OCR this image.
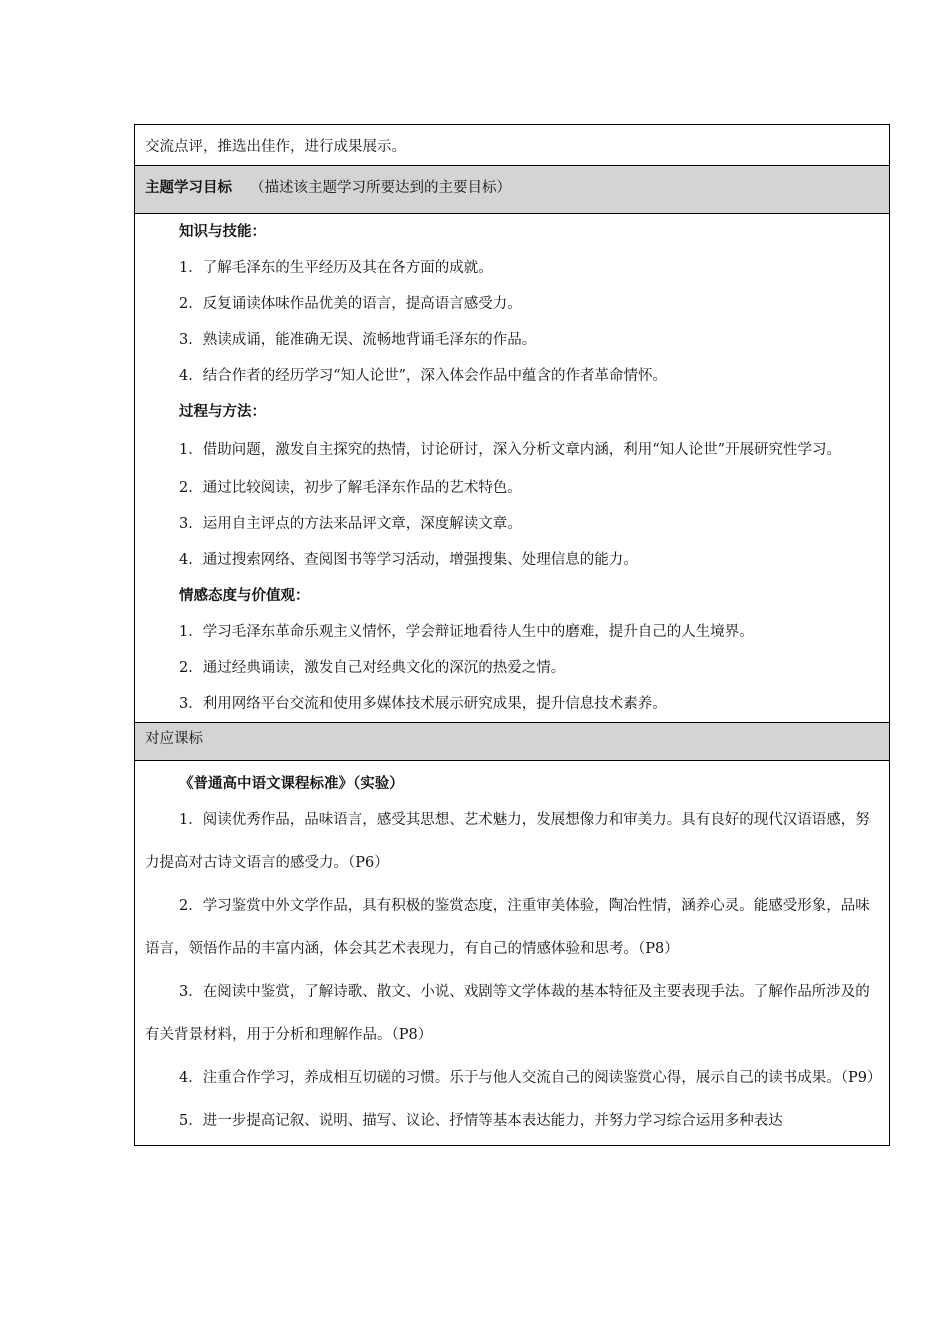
交流点评，推选出佳作，进行成果展示。
主题学习目标 （描述该主题学习所要达到的主要目标）
知识与技能：
1．了解毛泽东的生平经历及其在各方面的成就。
2．反复诵读体味作品优美的语言，提高语言感受力。
3．熟读成诵，能准确无误、流畅地背诵毛泽东的作品。
4．结合作者的经历学习“知人论世”，深入体会作品中蕴含的作者革命情怀。
过程与方法：
1．借助问题，激发自主探究的热情，讨论研讨，深入分析文章内涵，利用“知人论世”开展研究性学习。
2．通过比较阅读，初步了解毛泽东作品的艺术特色。
3．运用自主评点的方法来品评文章，深度解读文章。
4．通过搜索网络、查阅图书等学习活动，增强搜集、处理信息的能力。
情感态度与价值观：
1．学习毛泽东革命乐观主义情怀，学会辩证地看待人生中的磨难，提升自己的人生境界。
2．通过经典诵读，激发自己对经典文化的深沉的热爱之情。
3．利用网络平台交流和使用多媒体技术展示研究成果，提升信息技术素养。
对应课标
《普通高中语文课程标准》（实验）

1．阅读优秀作品，品味语言，感受其思想、艺术魅力，发展想像力和审美力。具有良好的现代汉语语感，努力提高对古诗文语言的感受力。（P6）

2．学习鉴赏中外文学作品，具有积极的鉴赏态度，注重审美体验，陶冶性情，涵养心灵。能感受形象，品味语言，领悟作品的丰富内涵，体会其艺术表现力，有自己的情感体验和思考。（P8）

3．在阅读中鉴赏，了解诗歌、散文、小说、戏剧等文学体裁的基本特征及主要表现手法。了解作品所涉及的有关背景材料，用于分析和理解作品。（P8）

4．注重合作学习，养成相互切磋的习惯。乐于与他人交流自己的阅读鉴赏心得，展示自己的读书成果。（P9）

5．进一步提高记叙、说明、描写、议论、抒情等基本表达能力，并努力学习综合运用多种表达
